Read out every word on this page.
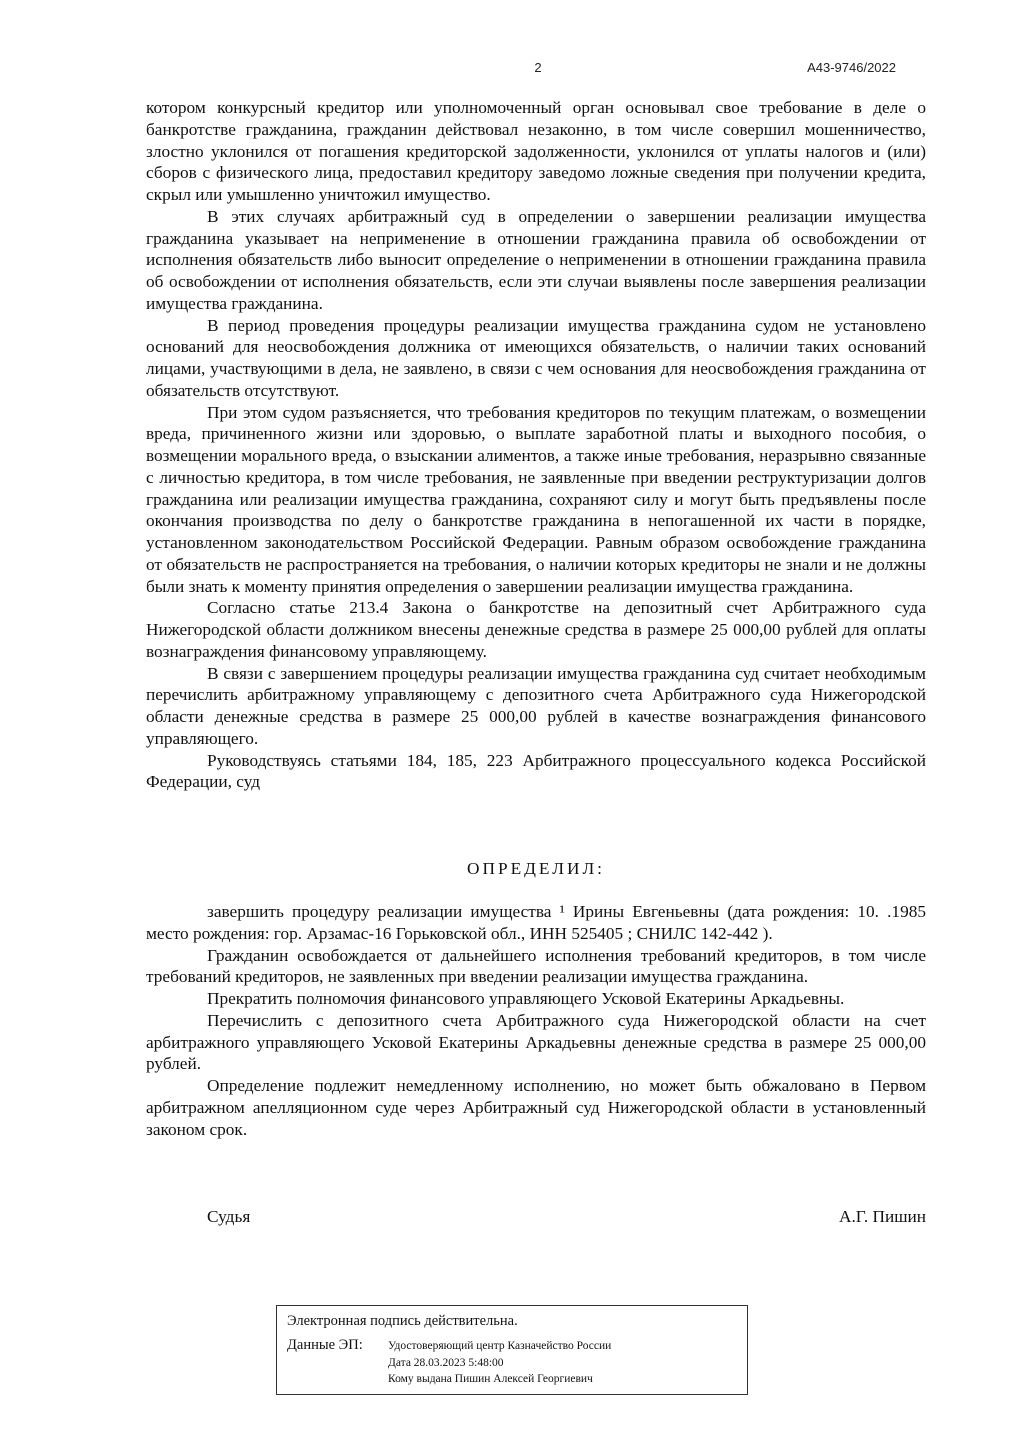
2	А43-9746/2022

котором конкурсный кредитор или уполномоченный орган основывал свое требование в деле о банкротстве гражданина, гражданин действовал незаконно, в том числе совершил мошенничество, злостно уклонился от погашения кредиторской задолженности, уклонился от уплаты налогов и (или) сборов с физического лица, предоставил кредитору заведомо ложные сведения при получении кредита, скрыл или умышленно уничтожил имущество.

В этих случаях арбитражный суд в определении о завершении реализации имущества гражданина указывает на неприменение в отношении гражданина правила об освобождении от исполнения обязательств либо выносит определение о неприменении в отношении гражданина правила об освобождении от исполнения обязательств, если эти случаи выявлены после завершения реализации имущества гражданина.

В период проведения процедуры реализации имущества гражданина судом не установлено оснований для неосвобождения должника от имеющихся обязательств, о наличии таких оснований лицами, участвующими в дела, не заявлено, в связи с чем основания для неосвобождения гражданина от обязательств отсутствуют.

При этом судом разъясняется, что требования кредиторов по текущим платежам, о возмещении вреда, причиненного жизни или здоровью, о выплате заработной платы и выходного пособия, о возмещении морального вреда, о взыскании алиментов, а также иные требования, неразрывно связанные с личностью кредитора, в том числе требования, не заявленные при введении реструктуризации долгов гражданина или реализации имущества гражданина, сохраняют силу и могут быть предъявлены после окончания производства по делу о банкротстве гражданина в непогашенной их части в порядке, установленном законодательством Российской Федерации. Равным образом освобождение гражданина от обязательств не распространяется на требования, о наличии которых кредиторы не знали и не должны были знать к моменту принятия определения о завершении реализации имущества гражданина.

Согласно статье 213.4 Закона о банкротстве на депозитный счет Арбитражного суда Нижегородской области должником внесены денежные средства в размере 25 000,00 рублей для оплаты вознаграждения финансовому управляющему.

В связи с завершением процедуры реализации имущества гражданина суд считает необходимым перечислить арбитражному управляющему с депозитного счета Арбитражного суда Нижегородской области денежные средства в размере 25 000,00 рублей в качестве вознаграждения финансового управляющего.

Руководствуясь статьями 184, 185, 223 Арбитражного процессуального кодекса Российской Федерации, суд

ОПРЕДЕЛИЛ:

завершить процедуру реализации имущества ¹ Ирины Евгеньевны (дата рождения: 10. .1985 место рождения: гор. Арзамас-16 Горьковской обл., ИНН 525405 ; СНИЛС 142-442 ).

Гражданин освобождается от дальнейшего исполнения требований кредиторов, в том числе требований кредиторов, не заявленных при введении реализации имущества гражданина.

Прекратить полномочия финансового управляющего Усковой Екатерины Аркадьевны.

Перечислить с депозитного счета Арбитражного суда Нижегородской области на счет арбитражного управляющего Усковой Екатерины Аркадьевны денежные средства в размере 25 000,00 рублей.

Определение подлежит немедленному исполнению, но может быть обжаловано в Первом арбитражном апелляционном суде через Арбитражный суд Нижегородской области в установленный законом срок.

Судья	А.Г. Пишин
Электронная подпись действительна.
Данные ЭП: Удостоверяющий центр Казначейство России
Дата 28.03.2023 5:48:00
Кому выдана Пишин Алексей Георгиевич
